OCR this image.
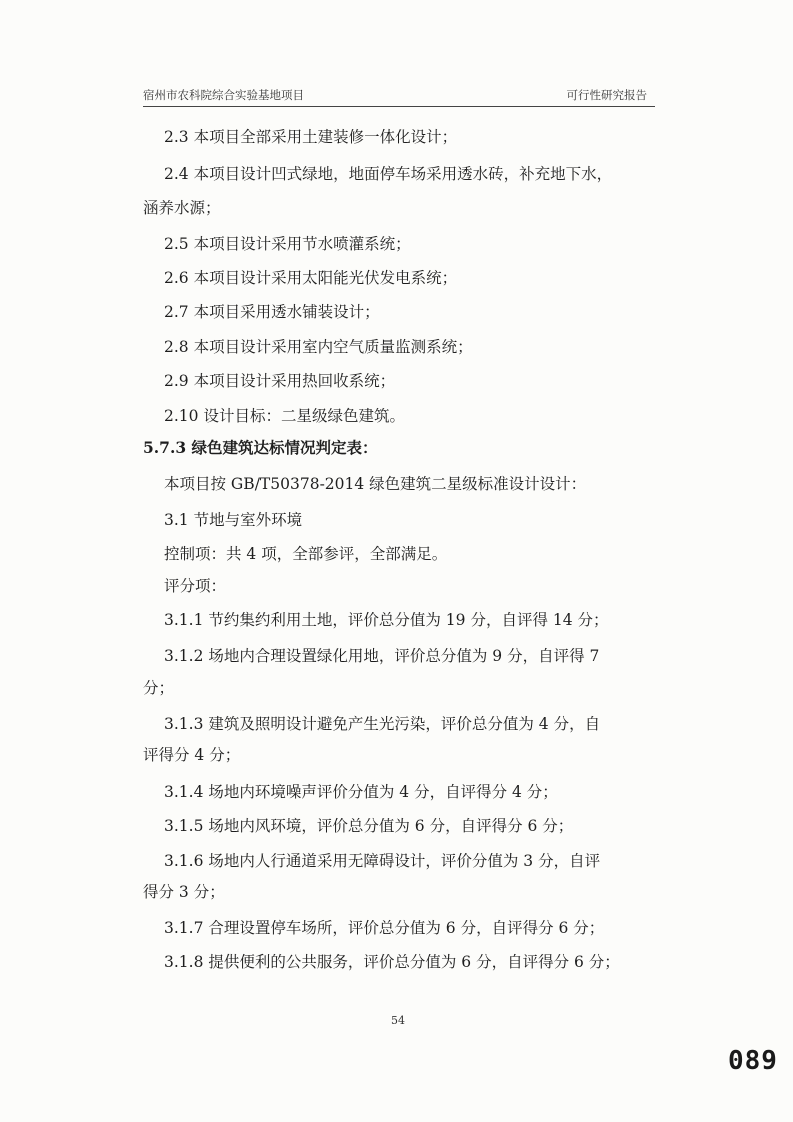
宿州市农科院综合实验基地项目	可行性研究报告
2.3 本项目全部采用土建装修一体化设计；
2.4 本项目设计凹式绿地，地面停车场采用透水砖，补充地下水，
涵养水源；
2.5 本项目设计采用节水喷灌系统；
2.6 本项目设计采用太阳能光伏发电系统；
2.7 本项目采用透水铺装设计；
2.8 本项目设计采用室内空气质量监测系统；
2.9 本项目设计采用热回收系统；
2.10 设计目标：二星级绿色建筑。
5.7.3 绿色建筑达标情况判定表：
本项目按 GB/T50378-2014 绿色建筑二星级标准设计设计：
3.1 节地与室外环境
控制项：共 4 项，全部参评，全部满足。
评分项：
3.1.1 节约集约利用土地，评价总分值为 19 分，自评得 14 分；
3.1.2 场地内合理设置绿化用地，评价总分值为 9 分，自评得 7
分；
3.1.3 建筑及照明设计避免产生光污染，评价总分值为 4 分，自
评得分 4 分；
3.1.4 场地内环境噪声评价分值为 4 分，自评得分 4 分；
3.1.5 场地内风环境，评价总分值为 6 分，自评得分 6 分；
3.1.6 场地内人行通道采用无障碍设计，评价分值为 3 分，自评
得分 3 分；
3.1.7 合理设置停车场所，评价总分值为 6 分，自评得分 6 分；
3.1.8 提供便利的公共服务，评价总分值为 6 分，自评得分 6 分；
54
089
